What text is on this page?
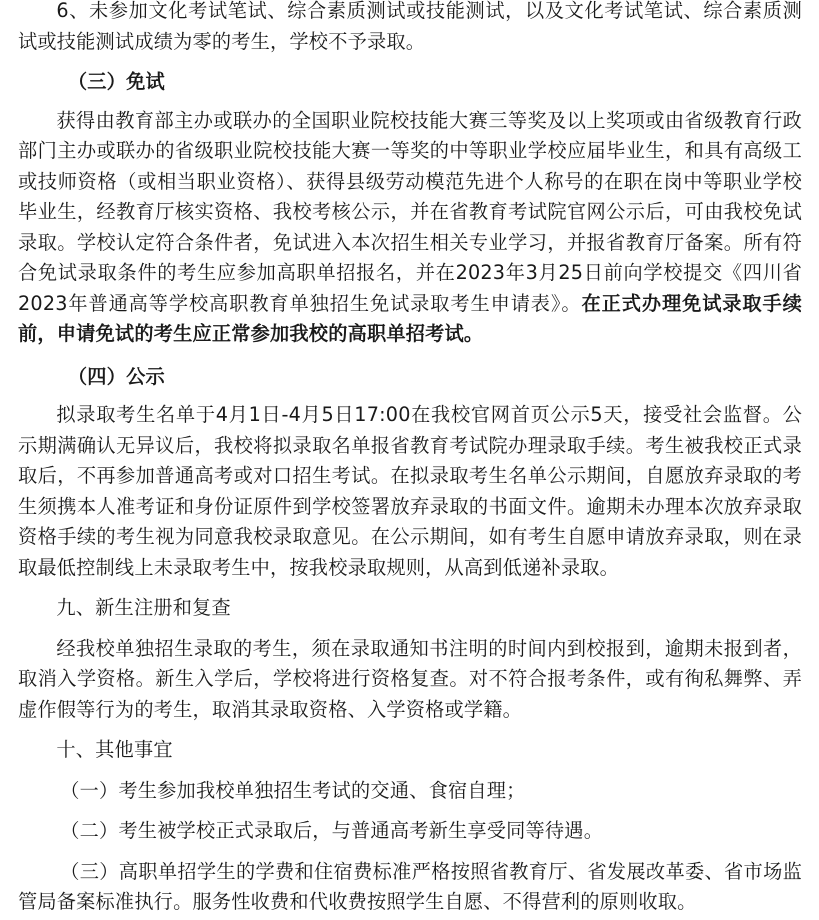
6、未参加文化考试笔试、综合素质测试或技能测试，以及文化考试笔试、综合素质测试或技能测试成绩为零的考生，学校不予录取。

（三）免试

获得由教育部主办或联办的全国职业院校技能大赛三等奖及以上奖项或由省级教育行政部门主办或联办的省级职业院校技能大赛一等奖的中等职业学校应届毕业生，和具有高级工或技师资格（或相当职业资格）、获得县级劳动模范先进个人称号的在职在岗中等职业学校毕业生，经教育厅核实资格、我校考核公示，并在省教育考试院官网公示后，可由我校免试录取。学校认定符合条件者，免试进入本次招生相关专业学习，并报省教育厅备案。所有符合免试录取条件的考生应参加高职单招报名，并在2023年3月25日前向学校提交《四川省2023年普通高等学校高职教育单独招生免试录取考生申请表》。在正式办理免试录取手续前，申请免试的考生应正常参加我校的高职单招考试。

（四）公示

拟录取考生名单于4月1日-4月5日17:00在我校官网首页公示5天，接受社会监督。公示期满确认无异议后，我校将拟录取名单报省教育考试院办理录取手续。考生被我校正式录取后，不再参加普通高考或对口招生考试。在拟录取考生名单公示期间，自愿放弃录取的考生须携本人准考证和身份证原件到学校签署放弃录取的书面文件。逾期未办理本次放弃录取资格手续的考生视为同意我校录取意见。在公示期间，如有考生自愿申请放弃录取，则在录取最低控制线上未录取考生中，按我校录取规则，从高到低递补录取。

九、新生注册和复查

经我校单独招生录取的考生，须在录取通知书注明的时间内到校报到，逾期未报到者，取消入学资格。新生入学后，学校将进行资格复查。对不符合报考条件，或有徇私舞弊、弄虚作假等行为的考生，取消其录取资格、入学资格或学籍。

十、其他事宜

（一）考生参加我校单独招生考试的交通、食宿自理；

（二）考生被学校正式录取后，与普通高考新生享受同等待遇。

（三）高职单招学生的学费和住宿费标准严格按照省教育厅、省发展改革委、省市场监管局备案标准执行。服务性收费和代收费按照学生自愿、不得营利的原则收取。
